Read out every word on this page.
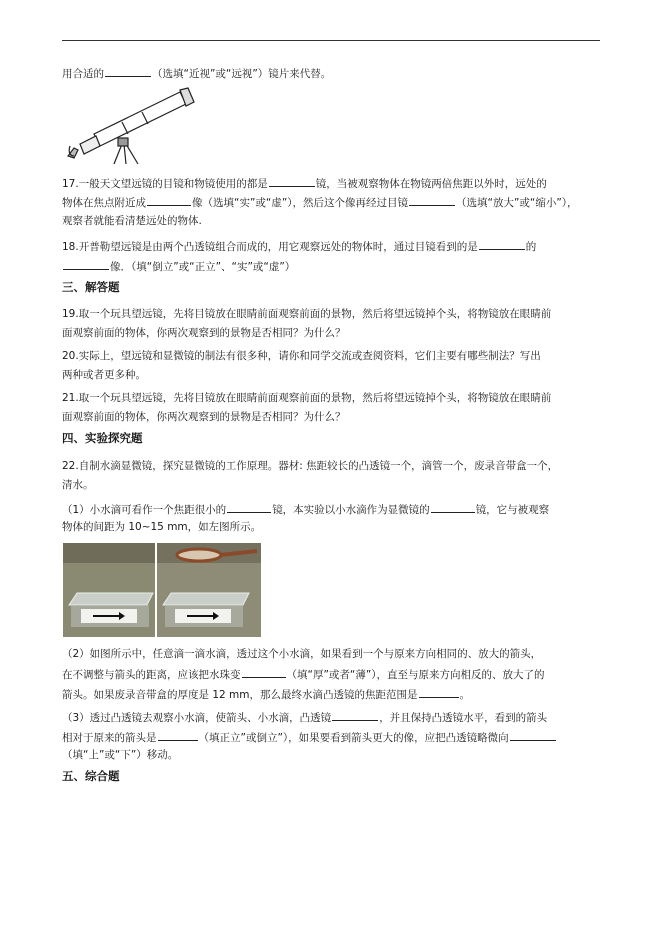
用合适的	（选填“近视”或“远视”）镜片来代替。
17.一般天文望远镜的目镜和物镜使用的都是	镜，当被观察物体在物镜两倍焦距以外时，远处的
物体在焦点附近成	像（选填“实”或“虚”），然后这个像再经过目镜	（选填“放大”或“缩小”），
观察者就能看清楚远处的物体.
18.开普勒望远镜是由两个凸透镜组合而成的，用它观察远处的物体时，通过目镜看到的是	的
像．（填“倒立”或“正立”、“实”或“虚”）
三、解答题
19.取一个玩具望远镜，先将目镜放在眼睛前面观察前面的景物，然后将望远镜掉个头，将物镜放在眼睛前
面观察前面的物体，你两次观察到的景物是否相同？为什么？
20.实际上，望远镜和显微镜的制法有很多种，请你和同学交流或查阅资料，它们主要有哪些制法？写出
两种或者更多种。
21.取一个玩具望远镜，先将目镜放在眼睛前面观察前面的景物，然后将望远镜掉个头，将物镜放在眼睛前
面观察前面的物体，你两次观察到的景物是否相同？为什么？
四、实验探究题
22.自制水滴显微镜，探究显微镜的工作原理。器材: 焦距较长的凸透镜一个，滴管一个，废录音带盒一个，
清水。
（1）小水滴可看作一个焦距很小的	镜，本实验以小水滴作为显微镜的	镜，它与被观察
物体的间距为 10~15 mm，如左图所示。
（2）如图所示中，任意滴一滴水滴，透过这个小水滴，如果看到一个与原来方向相同的、放大的箭头，
在不调整与箭头的距离，应该把水珠变	（填“厚”或者“薄”），直至与原来方向相反的、放大了的
箭头。如果废录音带盒的厚度是 12 mm，那么最终水滴凸透镜的焦距范围是	。
（3）透过凸透镜去观察小水滴，使箭头、小水滴，凸透镜	，并且保持凸透镜水平，看到的箭头
相对于原来的箭头是	（填正立”或倒立”），如果要看到箭头更大的像，应把凸透镜略微向
（填“上”或“下”）移动。
五、综合题
